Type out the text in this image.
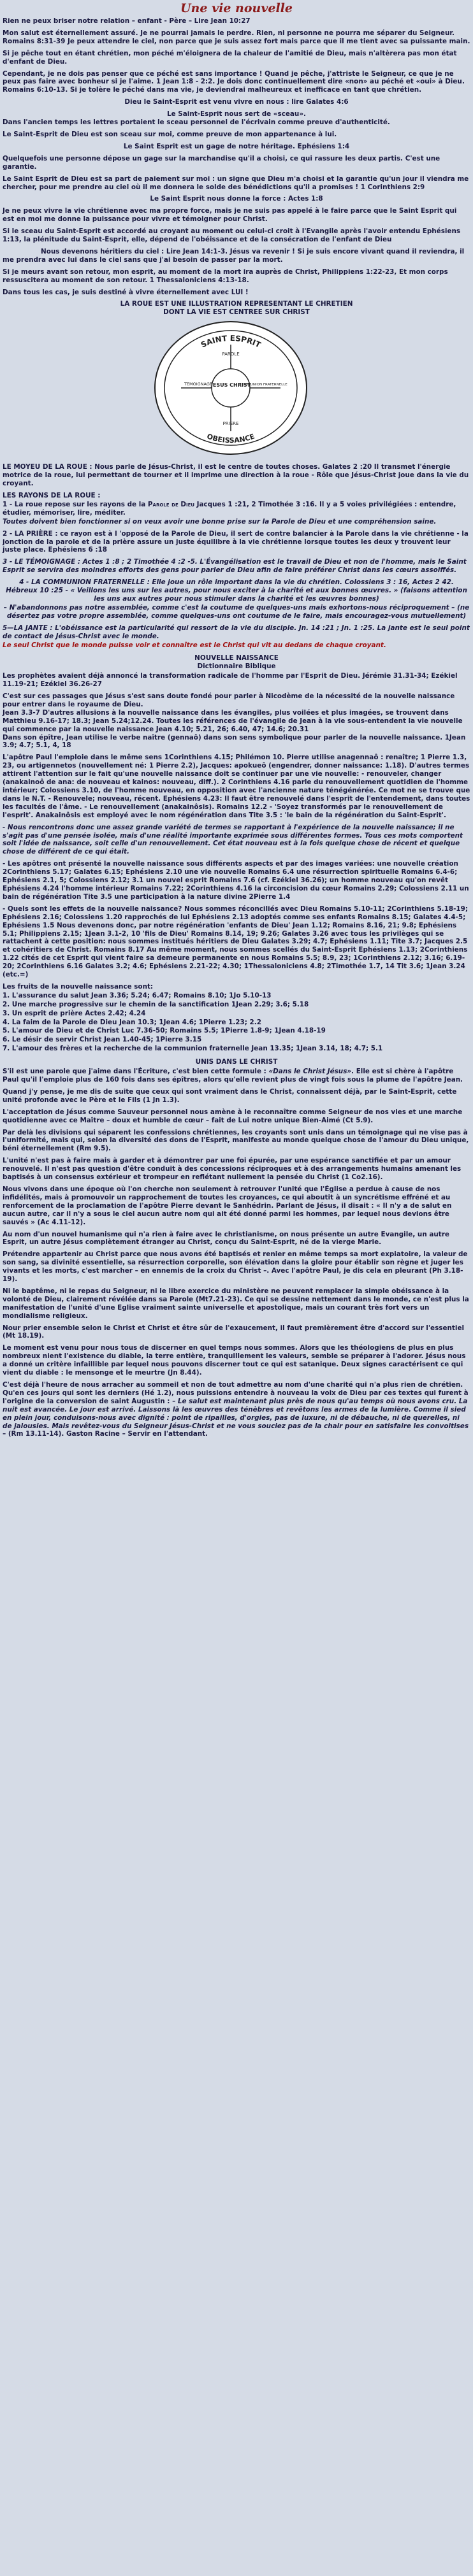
Une vie nouvelle

Rien ne peux briser notre relation – enfant - Père – Lire Jean 10:27

Mon salut est éternellement assuré. Je ne pourrai jamais le perdre. Rien, ni personne ne pourra me séparer du Seigneur. Romains 8:31-39 Je peux attendre le ciel, non parce que je suis assez fort mais parce que il me tient avec sa puissante main.

Si je pêche tout en étant chrétien, mon péché m'éloignera de la chaleur de l'amitié de Dieu, mais n'altèrera pas mon état d'enfant de Dieu.

Cependant, je ne dois pas penser que ce péché est sans importance ! Quand je pêche, j'attriste le Seigneur, ce que je ne peux pas faire avec bonheur si je l'aime. 1 Jean 1:8 - 2:2. Je dois donc continuellement dire «non» au péché et «oui» à Dieu. Romains 6:10-13. Si je tolère le péché dans ma vie, je deviendrai malheureux et inefficace en tant que chrétien.

Dieu le Saint-Esprit est venu vivre en nous : lire Galates 4:6

Le Saint-Esprit nous sert de «sceau».

Dans l'ancien temps les lettres portaient le sceau personnel de l'écrivain comme preuve d'authenticité.

Le Saint-Esprit de Dieu est son sceau sur moi, comme preuve de mon appartenance à lui.

Le Saint Esprit est un gage de notre héritage. Ephésiens 1:4

Quelquefois une personne dépose un gage sur la marchandise qu'il a choisi, ce qui rassure les deux partis. C'est une garantie.

Le Saint Esprit de Dieu est sa part de paiement sur moi : un signe que Dieu m'a choisi et la garantie qu'un jour il viendra me chercher, pour me prendre au ciel où il me donnera le solde des bénédictions qu'il a promises ! 1 Corinthiens 2:9

Le Saint Esprit nous donne la force : Actes 1:8

Je ne peux vivre la vie chrétienne avec ma propre force, mais je ne suis pas appelé à le faire parce que le Saint Esprit qui est en moi me donne la puissance pour vivre et témoigner pour Christ.

Si le sceau du Saint-Esprit est accordé au croyant au moment ou celui-ci croit à l'Evangile après l'avoir entendu Ephésiens 1:13, la plénitude du Saint-Esprit, elle, dépend de l'obéissance et de la consécration de l'enfant de Dieu

Nous devenons héritiers du ciel : Lire Jean 14:1-3. Jésus va revenir ! Si je suis encore vivant quand il reviendra, il me prendra avec lui dans le ciel sans que j'ai besoin de passer par la mort.

Si je meurs avant son retour, mon esprit, au moment de la mort ira auprès de Christ, Philippiens 1:22-23, Et mon corps ressuscitera au moment de son retour. 1 Thessaloniciens 4:13-18.

Dans tous les cas, je suis destiné à vivre éternellement avec LUI !

LA ROUE EST UNE ILLUSTRATION REPRESENTANT LE CHRETIEN

DONT LA VIE EST CENTREE SUR CHRIST

SAINT ESPRIT
OBEISSANCE
JESUS CHRIST
PAROLE
PRIERE
TEMOIGNAGE	COMMUNION FRATERNELLE

LE MOYEU DE LA ROUE : Nous parle de Jésus-Christ, il est le centre de toutes choses. Galates 2 :20 Il transmet l'énergie motrice de la roue, lui permettant de tourner et il imprime une direction à la roue - Rôle que Jésus-Christ joue dans la vie du croyant.

LES RAYONS DE LA ROUE :

1 - La roue repose sur les rayons de la Parole de Dieu Jacques 1 :21, 2 Timothée 3 :16. Il y a 5 voies privilégiées : entendre, étudier, mémoriser, lire, méditer.

Toutes doivent bien fonctionner si on veux avoir une bonne prise sur la Parole de Dieu et une compréhension saine.

2 - LA PRIÈRE : ce rayon est à l 'opposé de la Parole de Dieu, il sert de contre balancier à la Parole dans la vie chrétienne - la jonction de la parole et de la prière assure un juste équilibre à la vie chrétienne lorsque toutes les deux y trouvent leur juste place. Ephésiens 6 :18

3 - LE TÉMOIGNAGE : Actes 1 :8 ; 2 Timothée 4 :2 -5. L'Évangélisation est le travail de Dieu et non de l'homme, mais le Saint Esprit se servira des moindres efforts des gens pour parler de Dieu afin de faire préférer Christ dans les cœurs assoiffés.

4 - LA COMMUNION FRATERNELLE : Elle joue un rôle important dans la vie du chrétien. Colossiens 3 : 16, Actes 2 42. Hébreux 10 :25 - « Veillons les uns sur les autres, pour nous exciter à la charité et aux bonnes œuvres. » (faisons attention les uns aux autres pour nous stimuler dans la charité et les œuvres bonnes)

– N'abandonnons pas notre assemblée, comme c'est la coutume de quelques-uns mais exhortons-nous réciproquement – (ne désertez pas votre propre assemblée, comme quelques-uns ont coutume de le faire, mais encouragez-vous mutuellement)

5—LA JANTE : L'obéissance est la particularité qui ressort de la vie du disciple. Jn. 14 :21 ; Jn. 1 :25. La jante est le seul point de contact de Jésus-Christ avec le monde.

Le seul Christ que le monde puisse voir et connaître est le Christ qui vit au dedans de chaque croyant.

NOUVELLE NAISSANCE

Dictionnaire Biblique

Les prophètes avaient déjà annoncé la transformation radicale de l'homme par l'Esprit de Dieu. Jérémie 31.31-34; Ezékiel 11.19-21; Ezékiel 36.26-27

C'est sur ces passages que Jésus s'est sans doute fondé pour parler à Nicodème de la nécessité de la nouvelle naissance pour entrer dans le royaume de Dieu.

Jean 3.3-7 D'autres allusions à la nouvelle naissance dans les évangiles, plus voilées et plus imagées, se trouvent dans Matthieu 9.16-17; 18.3; Jean 5.24;12.24. Toutes les références de l'évangile de Jean à la vie sous-entendent la vie nouvelle qui commence par la nouvelle naissance Jean 4.10; 5.21, 26; 6.40, 47; 14.6; 20.31

Dans son épître, Jean utilise le verbe naître (gennaô) dans son sens symbolique pour parler de la nouvelle naissance. 1Jean 3.9; 4.7; 5.1, 4, 18

L'apôtre Paul l'emploie dans le même sens 1Corinthiens 4.15; Philémon 10. Pierre utilise anagennaô : renaître; 1 Pierre 1.3, 23, ou artigennetos (nouvellement né: 1 Pierre 2.2), Jacques: apokueô (engendrer, donner naissance: 1.18). D'autres termes attirent l'attention sur le fait qu'une nouvelle naissance doit se continuer par une vie nouvelle: - renouveler, changer (anakainoô de ana: de nouveau et kainos: nouveau, diff.). 2 Corinthiens 4.16 parle du renouvellement quotidien de l'homme intérieur; Colossiens 3.10, de l'homme nouveau, en opposition avec l'ancienne nature ténégénérée. Ce mot ne se trouve que dans le N.T. - Renouvele; nouveau, récent. Ephésiens 4.23: Il faut être renouvelé dans l'esprit de l'entendement, dans toutes les facultés de l'âme. - Le renouvellement (anakainôsis). Romains 12.2 - 'Soyez transformés par le renouvellement de l'esprit'. Anakainôsis est employé avec le nom régénération dans Tite 3.5 : 'le bain de la régénération du Saint-Esprit'.

- Nous rencontrons donc une assez grande variété de termes se rapportant à l'expérience de la nouvelle naissance; il ne s'agit pas d'une pensée isolée, mais d'une réalité importante exprimée sous différentes formes. Tous ces mots comportent soit l'idée de naissance, soit celle d'un renouvellement. Cet état nouveau est à la fois quelque chose de récent et quelque chose de différent de ce qui était.

- Les apôtres ont présenté la nouvelle naissance sous différents aspects et par des images variées: une nouvelle création 2Corinthiens 5.17; Galates 6.15; Ephésiens 2.10 une vie nouvelle Romains 6.4 une résurrection spirituelle Romains 6.4-6; Ephésiens 2.1, 5; Colossiens 2.12; 3.1 un nouvel esprit Romains 7.6 (cf. Ezékiel 36.26); un homme nouveau qu'on revêt Ephésiens 4.24 l'homme intérieur Romains 7.22; 2Corinthiens 4.16 la circoncision du cœur Romains 2.29; Colossiens 2.11 un bain de régénération Tite 3.5 une participation à la nature divine 2Pierre 1.4

- Quels sont les effets de la nouvelle naissance? Nous sommes réconciliés avec Dieu Romains 5.10-11; 2Corinthiens 5.18-19; Ephésiens 2.16; Colossiens 1.20 rapprochés de lui Ephésiens 2.13 adoptés comme ses enfants Romains 8.15; Galates 4.4-5; Ephésiens 1.5 Nous devenons donc, par notre régénération 'enfants de Dieu' Jean 1.12; Romains 8.16, 21; 9.8; Ephésiens 5.1; Philippiens 2.15; 1Jean 3.1-2, 10 'fils de Dieu' Romains 8.14, 19; 9.26; Galates 3.26 avec tous les privilèges qui se rattachent à cette position: nous sommes institués héritiers de Dieu Galates 3.29; 4.7; Ephésiens 1.11; Tite 3.7; Jacques 2.5 et cohéritiers de Christ. Romains 8.17 Au même moment, nous sommes scellés du Saint-Esprit Ephésiens 1.13; 2Corinthiens 1.22 cités de cet Esprit qui vient faire sa demeure permanente en nous Romains 5.5; 8.9, 23; 1Corinthiens 2.12; 3.16; 6.19-20; 2Corinthiens 6.16 Galates 3.2; 4.6; Ephésiens 2.21-22; 4.30; 1Thessaloniciens 4.8; 2Timothée 1.7, 14 Tit 3.6; 1Jean 3.24 (etc.=)

Les fruits de la nouvelle naissance sont:

1. L'assurance du salut Jean 3.36; 5.24; 6.47; Romains 8.10; 1Jo 5.10-13

2. Une marche progressive sur le chemin de la sanctification 1Jean 2.29; 3.6; 5.18

3. Un esprit de prière Actes 2.42; 4.24

4. La faim de la Parole de Dieu Jean 10.3; 1Jean 4.6; 1Pierre 1.23; 2.2

5. L'amour de Dieu et de Christ Luc 7.36-50; Romains 5.5; 1Pierre 1.8-9; 1Jean 4.18-19

6. Le désir de servir Christ Jean 1.40-45; 1Pierre 3.15

7. L'amour des frères et la recherche de la communion fraternelle Jean 13.35; 1Jean 3.14, 18; 4.7; 5.1

UNIS DANS LE CHRIST

S'il est une parole que j'aime dans l'Écriture, c'est bien cette formule : «Dans le Christ Jésus». Elle est si chère à l'apôtre Paul qu'il l'emploie plus de 160 fois dans ses épîtres, alors qu'elle revient plus de vingt fois sous la plume de l'apôtre Jean.

Quand j'y pense, je me dis de suite que ceux qui sont vraiment dans le Christ, connaissent déjà, par le Saint-Esprit, cette unité profonde avec le Père et le Fils (1 Jn 1.3).

L'acceptation de Jésus comme Sauveur personnel nous amène à le reconnaître comme Seigneur de nos vies et une marche quotidienne avec ce Maître – doux et humble de cœur – fait de Lui notre unique Bien-Aimé (Ct 5.9).

Par delà les divisions qui séparent les confessions chrétiennes, les croyants sont unis dans un témoignage qui ne vise pas à l'uniformité, mais qui, selon la diversité des dons de l'Esprit, manifeste au monde quelque chose de l'amour du Dieu unique, béni éternellement (Rm 9.5).

L'unité n'est pas à faire mais à garder et à démontrer par une foi épurée, par une espérance sanctifiée et par un amour renouvelé. Il n'est pas question d'être conduit à des concessions réciproques et à des arrangements humains amenant les baptisés à un consensus extérieur et trompeur en reflétant nullement la pensée du Christ (1 Co2.16).

Nous vivons dans une époque où l'on cherche non seulement à retrouver l'unité que l'Église a perdue à cause de nos infidélités, mais à promouvoir un rapprochement de toutes les croyances, ce qui aboutit à un syncrétisme effréné et au renforcement de la proclamation de l'apôtre Pierre devant le Sanhédrin. Parlant de Jésus, il disait : « Il n'y a de salut en aucun autre, car il n'y a sous le ciel aucun autre nom qui ait été donné parmi les hommes, par lequel nous devions être sauvés » (Ac 4.11-12).

Au nom d'un nouvel humanisme qui n'a rien à faire avec le christianisme, on nous présente un autre Evangile, un autre Esprit, un autre Jésus complètement étranger au Christ, conçu du Saint-Esprit, né de la vierge Marie.

Prétendre appartenir au Christ parce que nous avons été baptisés et renier en même temps sa mort expiatoire, la valeur de son sang, sa divinité essentielle, sa résurrection corporelle, son élévation dans la gloire pour établir son règne et juger les vivants et les morts, c'est marcher – en ennemis de la croix du Christ –. Avec l'apôtre Paul, je dis cela en pleurant (Ph 3.18-19).

Ni le baptême, ni le repas du Seigneur, ni le libre exercice du ministère ne peuvent remplacer la simple obéissance à la volonté de Dieu, clairement révélée dans sa Parole (Mt7.21-23). Ce qui se dessine nettement dans le monde, ce n'est plus la manifestation de l'unité d'une Eglise vraiment sainte universelle et apostolique, mais un courant très fort vers un mondialisme religieux.

Nour prier ensemble selon le Christ et Christ et être sûr de l'exaucement, il faut premièrement être d'accord sur l'essentiel (Mt 18.19).

Le moment est venu pour nous tous de discerner en quel temps nous sommes. Alors que les théologiens de plus en plus nombreux nient l'existence du diable, la terre entière, tranquillement les valeurs, semble se préparer à l'adorer. Jésus nous a donné un critère infaillible par lequel nous pouvons discerner tout ce qui est satanique. Deux signes caractérisent ce qui vient du diable : le mensonge et le meurtre (Jn 8.44).

C'est déjà l'heure de nous arracher au sommeil et non de tout admettre au nom d'une charité qui n'a plus rien de chrétien. Qu'en ces jours qui sont les derniers (Hé 1.2), nous puissions entendre à nouveau la voix de Dieu par ces textes qui furent à l'origine de la conversion de saint Augustin : – Le salut est maintenant plus près de nous qu'au temps où nous avons cru. La nuit est avancée. Le jour est arrivé. Laissons là les œuvres des ténèbres et revêtons les armes de la lumière. Comme il sied en plein jour, conduisons-nous avec dignité : point de ripailles, d'orgies, pas de luxure, ni de débauche, ni de querelles, ni de jalousies. Mais revêtez-vous du Seigneur Jésus-Christ et ne vous souciez pas de la chair pour en satisfaire les convoitises – (Rm 13.11-14). Gaston Racine – Servir en l'attendant.
